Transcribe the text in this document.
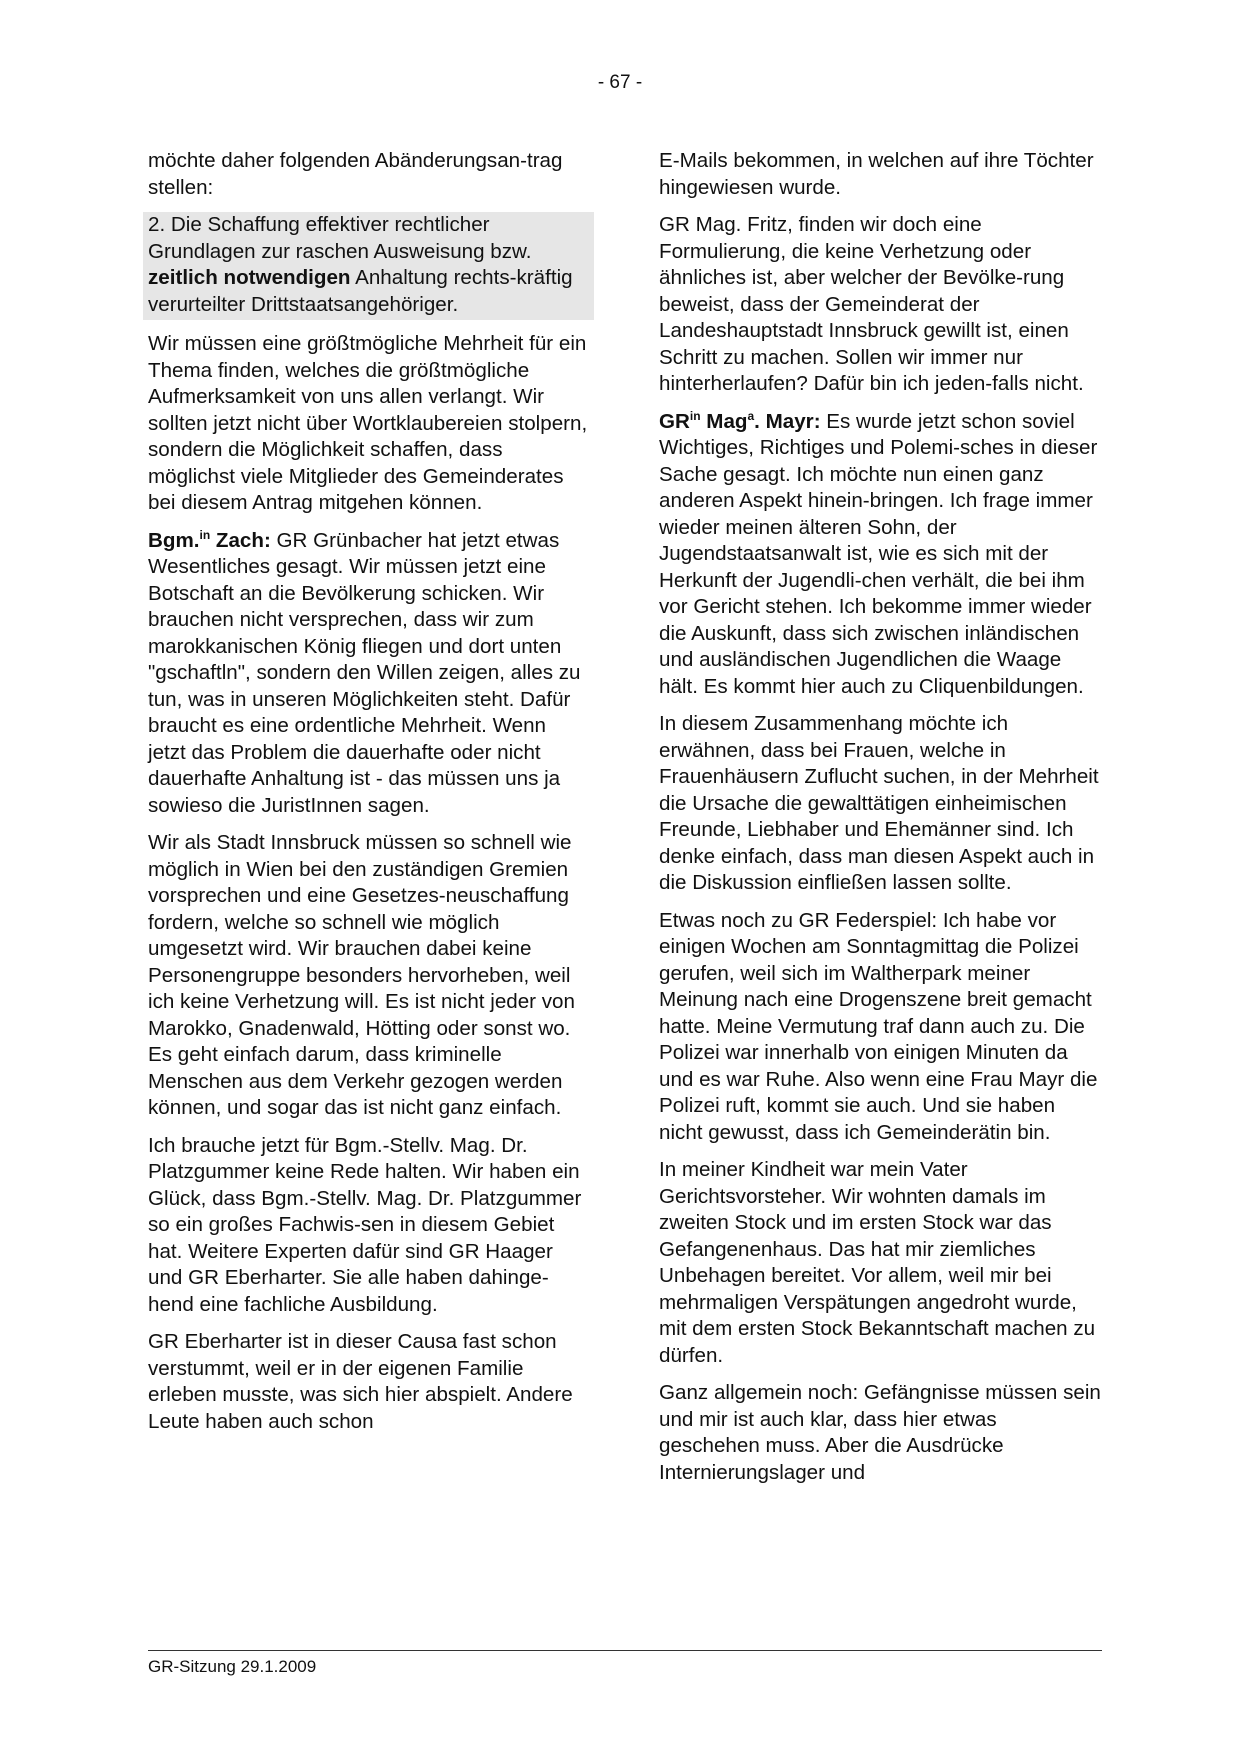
- 67 -

möchte daher folgenden Abänderungsan-trag stellen:

2. Die Schaffung effektiver rechtlicher Grundlagen zur raschen Ausweisung bzw. zeitlich notwendigen Anhaltung rechts-kräftig verurteilter Drittstaatsangehöriger.

Wir müssen eine größtmögliche Mehrheit für ein Thema finden, welches die größtmögliche Aufmerksamkeit von uns allen verlangt. Wir sollten jetzt nicht über Wortklaubereien stolpern, sondern die Möglichkeit schaffen, dass möglichst viele Mitglieder des Gemeinderates bei diesem Antrag mitgehen können.

Bgm.$^{in}$ Zach: GR Grünbacher hat jetzt etwas Wesentliches gesagt. Wir müssen jetzt eine Botschaft an die Bevölkerung schicken. Wir brauchen nicht versprechen, dass wir zum marokkanischen König fliegen und dort unten "gschaftln", sondern den Willen zeigen, alles zu tun, was in unseren Möglichkeiten steht. Dafür braucht es eine ordentliche Mehrheit. Wenn jetzt das Problem die dauerhafte oder nicht dauerhafte Anhaltung ist - das müssen uns ja sowieso die JuristInnen sagen.

Wir als Stadt Innsbruck müssen so schnell wie möglich in Wien bei den zuständigen Gremien vorsprechen und eine Gesetzes-neuschaffung fordern, welche so schnell wie möglich umgesetzt wird. Wir brauchen dabei keine Personengruppe besonders hervorheben, weil ich keine Verhetzung will. Es ist nicht jeder von Marokko, Gnadenwald, Hötting oder sonst wo. Es geht einfach darum, dass kriminelle Menschen aus dem Verkehr gezogen werden können, und sogar das ist nicht ganz einfach.

Ich brauche jetzt für Bgm.-Stellv. Mag. Dr. Platzgummer keine Rede halten. Wir haben ein Glück, dass Bgm.-Stellv. Mag. Dr. Platzgummer so ein großes Fachwis-sen in diesem Gebiet hat. Weitere Experten dafür sind GR Haager und GR Eberharter. Sie alle haben dahinge-hend eine fachliche Ausbildung.

GR Eberharter ist in dieser Causa fast schon verstummt, weil er in der eigenen Familie erleben musste, was sich hier abspielt. Andere Leute haben auch schon

E-Mails bekommen, in welchen auf ihre Töchter hingewiesen wurde.

GR Mag. Fritz, finden wir doch eine Formulierung, die keine Verhetzung oder ähnliches ist, aber welcher der Bevölke-rung beweist, dass der Gemeinderat der Landeshauptstadt Innsbruck gewillt ist, einen Schritt zu machen. Sollen wir immer nur hinterherlaufen? Dafür bin ich jeden-falls nicht.

$GR^{in}$ Mag$^a$. Mayr: Es wurde jetzt schon soviel Wichtiges, Richtiges und Polemi-sches in dieser Sache gesagt. Ich möchte nun einen ganz anderen Aspekt hinein-bringen. Ich frage immer wieder meinen älteren Sohn, der Jugendstaatsanwalt ist, wie es sich mit der Herkunft der Jugendli-chen verhält, die bei ihm vor Gericht stehen. Ich bekomme immer wieder die Auskunft, dass sich zwischen inländischen und ausländischen Jugendlichen die Waage hält. Es kommt hier auch zu Cliquenbildungen.

In diesem Zusammenhang möchte ich erwähnen, dass bei Frauen, welche in Frauenhäusern Zuflucht suchen, in der Mehrheit die Ursache die gewalttätigen einheimischen Freunde, Liebhaber und Ehemänner sind. Ich denke einfach, dass man diesen Aspekt auch in die Diskussion einfließen lassen sollte.

Etwas noch zu GR Federspiel: Ich habe vor einigen Wochen am Sonntagmittag die Polizei gerufen, weil sich im Waltherpark meiner Meinung nach eine Drogenszene breit gemacht hatte. Meine Vermutung traf dann auch zu. Die Polizei war innerhalb von einigen Minuten da und es war Ruhe. Also wenn eine Frau Mayr die Polizei ruft, kommt sie auch. Und sie haben nicht gewusst, dass ich Gemeinderätin bin.

In meiner Kindheit war mein Vater Gerichtsvorsteher. Wir wohnten damals im zweiten Stock und im ersten Stock war das Gefangenenhaus. Das hat mir ziemliches Unbehagen bereitet. Vor allem, weil mir bei mehrmaligen Verspätungen angedroht wurde, mit dem ersten Stock Bekanntschaft machen zu dürfen.

Ganz allgemein noch: Gefängnisse müssen sein und mir ist auch klar, dass hier etwas geschehen muss. Aber die Ausdrücke Internierungslager und

GR-Sitzung 29.1.2009
